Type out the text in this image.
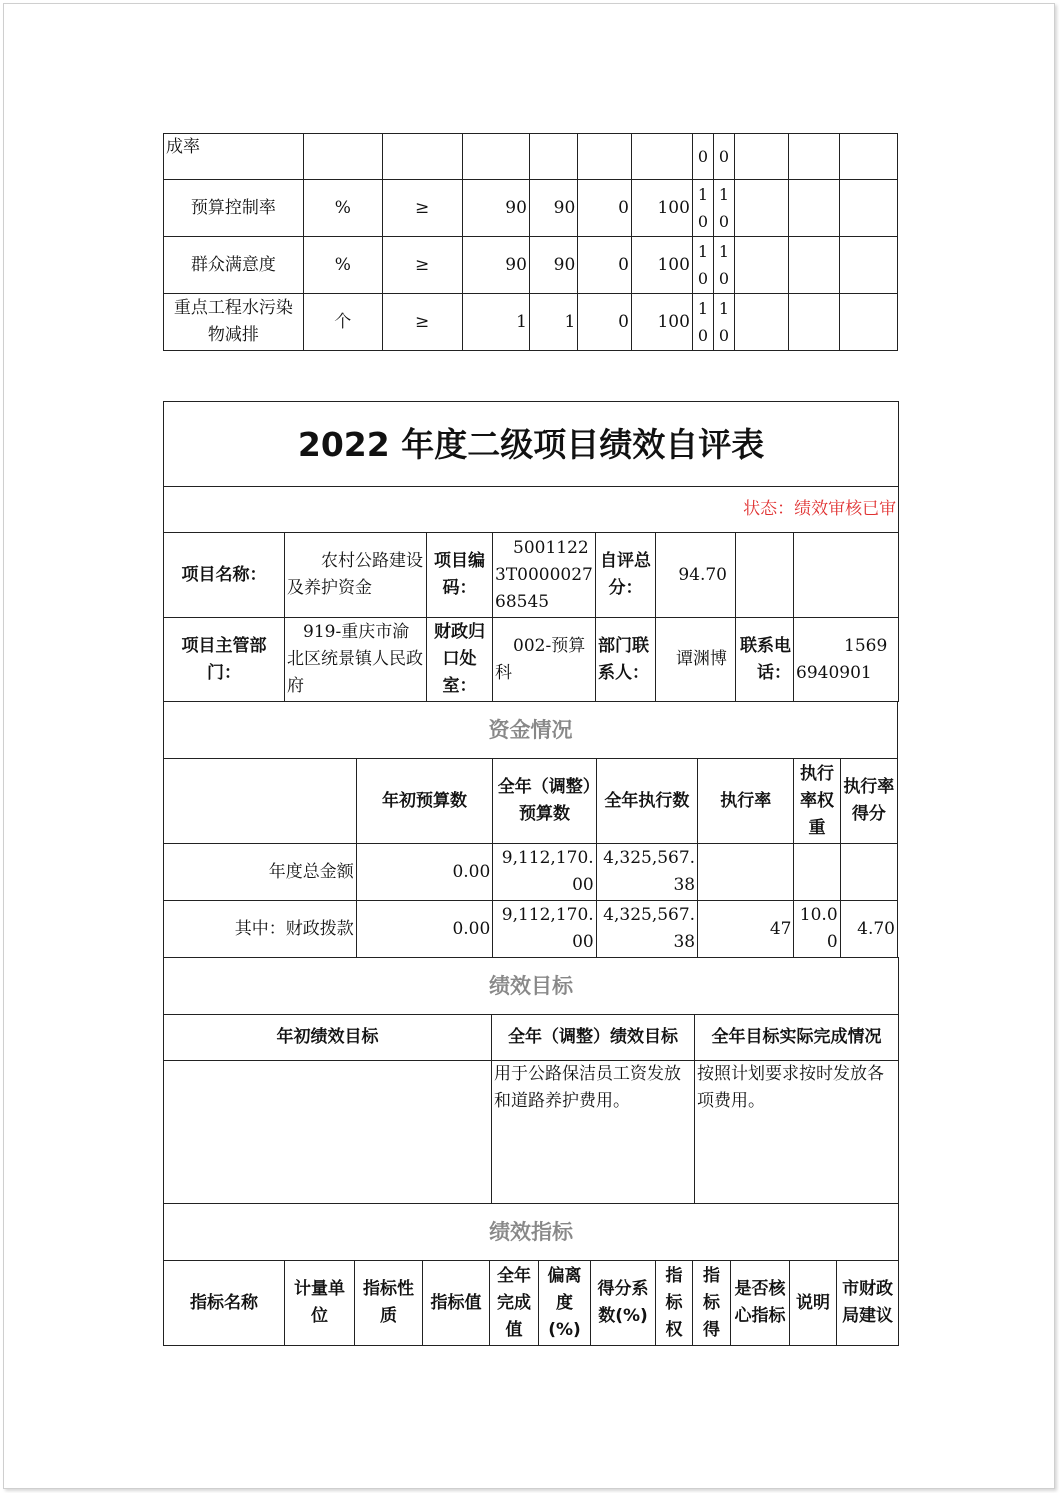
成率							0	0			
预算控制率	%	≥	90	90	0	100	10	10			
群众满意度	%	≥	90	90	0	100	10	10			
重点工程水污染物减排	个	≥	1	1	0	100	10	10			
2022 年度二级项目绩效自评表							
状态：绩效审核已审							
项目名称：	农村公路建设及养护资金	项目编码：	50011223T000002768545	自评总分：	94.70		
项目主管部门：	919-重庆市渝北区统景镇人民政府	财政归口处室：	002-预算科	部门联系人：	谭渊博	联系电话：	15696940901
资金情况						
	年初预算数	全年（调整）预算数	全年执行数	执行率	执行率权重	执行率得分
年度总金额	0.00	9,112,170.00	4,325,567.38			
其中：财政拨款	0.00	9,112,170.00	4,325,567.38	47	10.00	4.70
绩效目标		
年初绩效目标	全年（调整）绩效目标	全年目标实际完成情况
	用于公路保洁员工资发放和道路养护费用。	按照计划要求按时发放各项费用。
绩效指标
指标名称	计量单位	指标性质	指标值	全年完成值	偏离度(%)	得分系数(%)	指标权	指标得	是否核心指标	说明	市财政局建议
